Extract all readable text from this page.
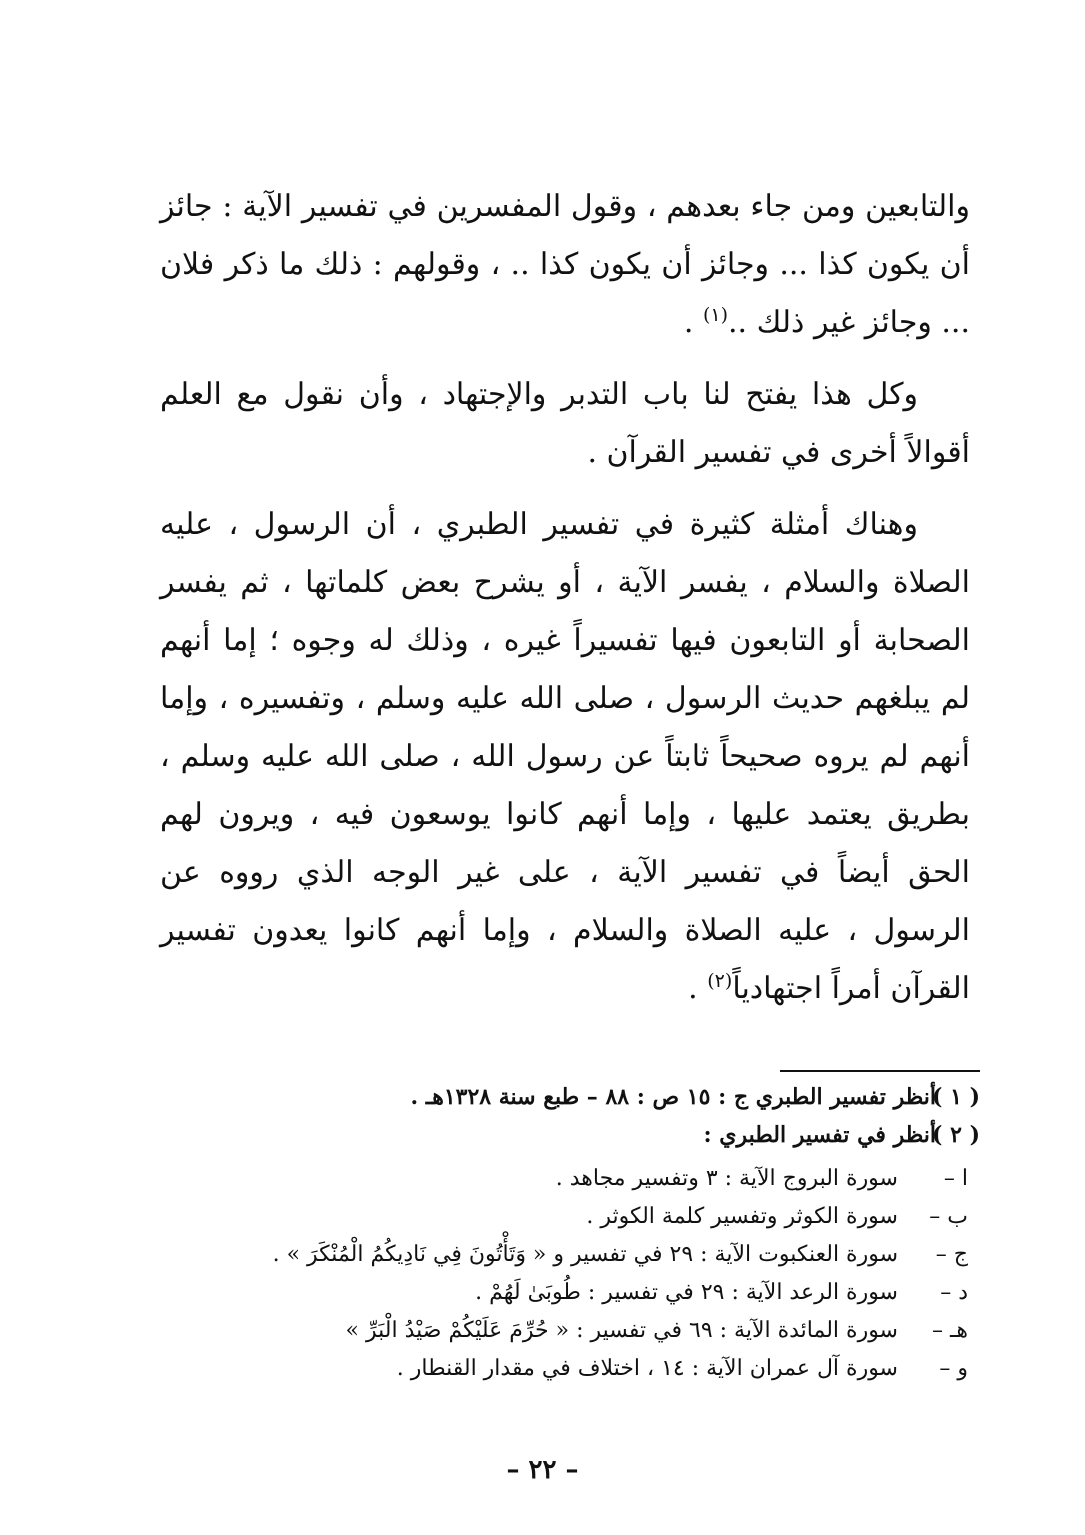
والتابعين ومن جاء بعدهم ، وقول المفسرين في تفسير الآية : جائز أن يكون كذا ... وجائز أن يكون كذا .. ، وقولهم : ذلك ما ذكر فلان ... وجائز غير ذلك ..$^{(١)}$ .

وكل هذا يفتح لنا باب التدبر والإجتهاد ، وأن نقول مع العلم أقوالاً أخرى في تفسير القرآن .

وهناك أمثلة كثيرة في تفسير الطبري ، أن الرسول ، عليه الصلاة والسلام ، يفسر الآية ، أو يشرح بعض كلماتها ، ثم يفسر الصحابة أو التابعون فيها تفسيراً غيره ، وذلك له وجوه ؛ إما أنهم لم يبلغهم حديث الرسول ، صلى الله عليه وسلم ، وتفسيره ، وإما أنهم لم يروه صحيحاً ثابتاً عن رسول الله ، صلى الله عليه وسلم ، بطريق يعتمد عليها ، وإما أنهم كانوا يوسعون فيه ، ويرون لهم الحق أيضاً في تفسير الآية ، على غير الوجه الذي رووه عن الرسول ، عليه الصلاة والسلام ، وإما أنهم كانوا يعدون تفسير القرآن أمراً اجتهادياً$^{(٢)}$ .

( ١ )
أنظر تفسير الطبري ج : ١٥ ص : ٨٨ – طبع سنة ١٣٢٨هـ .
( ٢ )
أنظر في تفسير الطبري :
ا –
سورة البروج الآية : ٣ وتفسير مجاهد .
ب –
سورة الكوثر وتفسير كلمة الكوثر .
ج –
سورة العنكبوت الآية : ٢٩ في تفسير و « وَتَأْتُونَ فِي نَادِيكُمُ الْمُنْكَرَ » .
د –
سورة الرعد الآية : ٢٩ في تفسير : طُوبَىٰ لَهُمْ .
هـ –
سورة المائدة الآية : ٦٩ في تفسير : « حُرِّمَ عَلَيْكُمْ صَيْدُ الْبَرِّ »
و –
سورة آل عمران الآية : ١٤ ، اختلاف في مقدار القنطار .
– ٢٢ –
